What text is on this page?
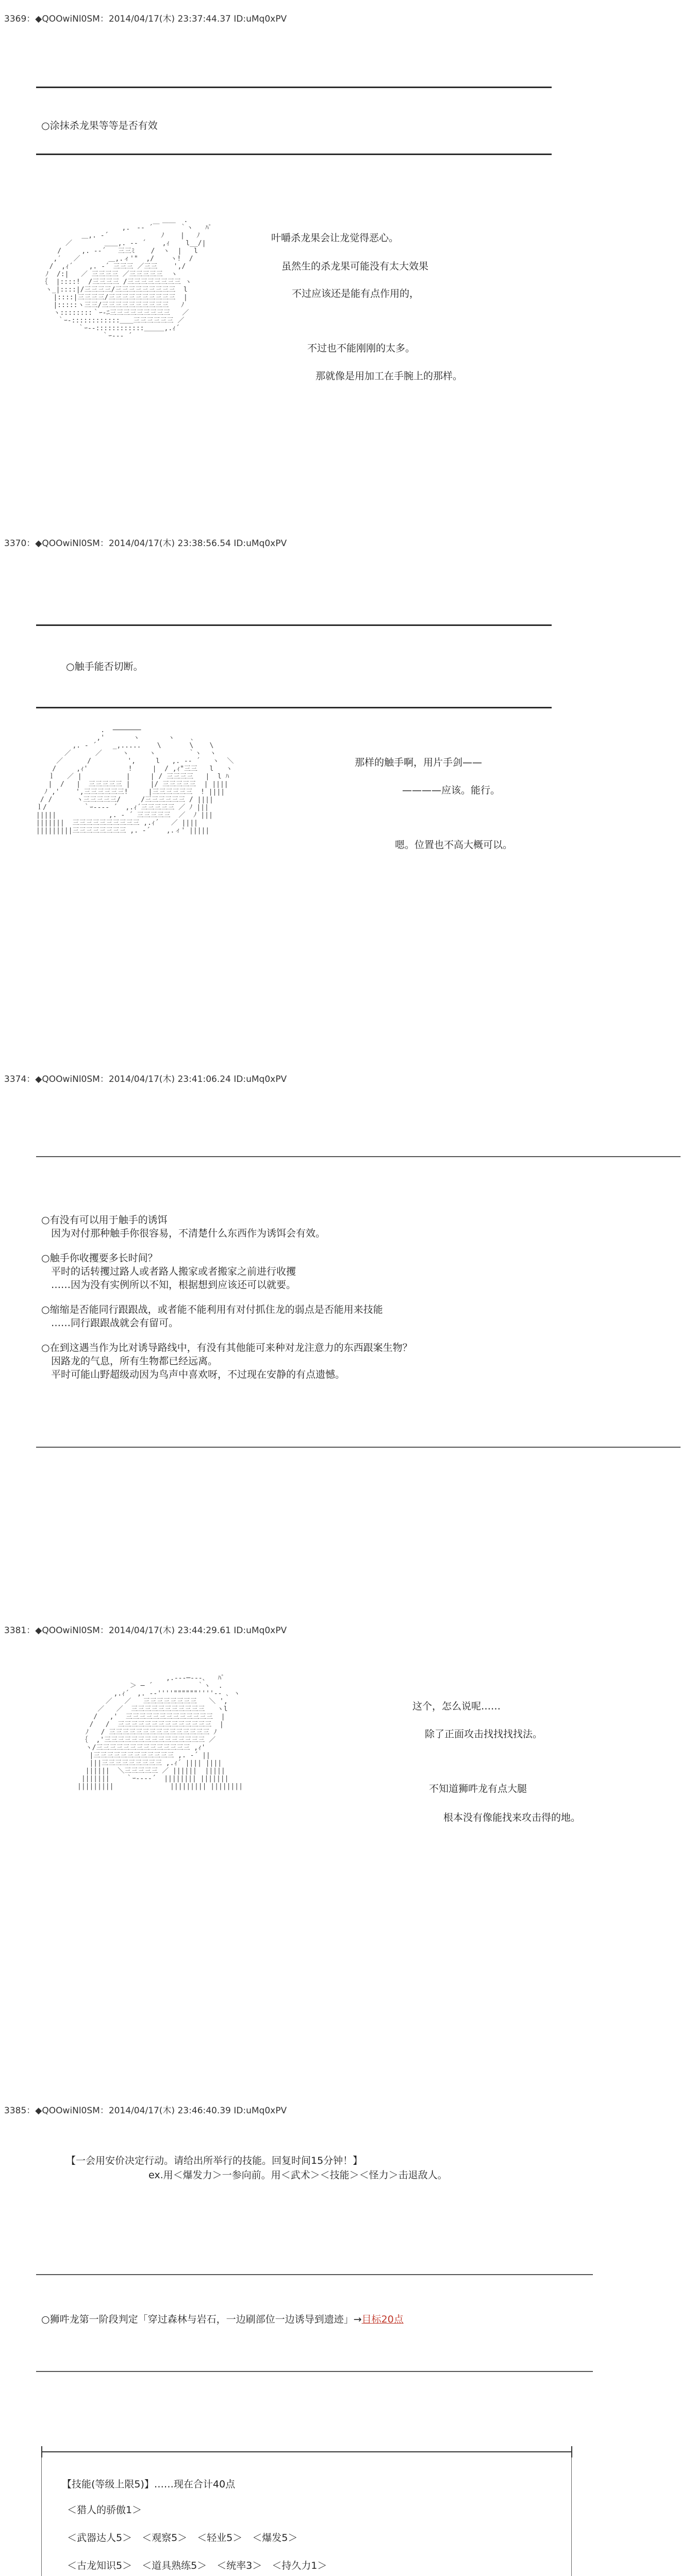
3369：◆QOOwiNl0SM：2014/04/17(木) 23:37:44.37 ID:uMq0xPV
○涂抹杀龙果等等是否有效
＿＿  .
,.　-‐ ´￣     ｀ヽ   ﾊﾟ
＿,. ‐´             ﾉ    |   ﾉ
／        ＿＿,. -‐ ´    ,ｨ    l__/|
/     ,. -‐´   三三ﾐ    /  ヽ  |   l
,′   ／       ＿,.ィ'"  ,/    ヽ!  /
/  ,ｨ´    ,. ‐´ 三三三 ／三三    ',/
ﾉ  /:|   ／ 三三三三 ／三三三三三  ヽ
｛  |::::!  /三三三三 /三三三三三三三三 ヽ
ヽ_|::::|/三三三三/三三三三三三三三三  l
|::::|三三三三/三三三三三三三三三三  |
|:::::ヽ三三/三三三三三三三三三三   ﾉ
ヽ::::::::｀ｰ‐ﾆ三三三三三三三三三   ／
｀ｰ-::::::::::::＿＿三三三三三三 ／
｀ｰ--::::::::::::＿＿＿,.ｨ´
｀ｰ--‐ ´
叶嚼杀龙果会让龙觉得恶心。
虽然生的杀龙果可能没有太大效果
不过应该还是能有点作用的，
不过也不能刚刚的太多。
那就像是用加工在手腕上的那样。
3370：◆QOOwiNl0SM：2014/04/17(木) 23:38:56.54 ID:uMq0xPV
○触手能否切断。
.  ───────
,'       ヽ       ヽ    ､
,. ‐ ´    _,.....    \       \    \
／      ／     ヽ     ヽ        ｀ヽ  ヽ
／      /         ',     l   ,. -‐ ´   ヽ  ＼
/     ,ｨ'          !     |  / ,ｨ"三三   l   ヽ
ｌ   ／ |           |     | / 三三三三   |  l ﾊ
|  /   |  三三三三三 |     |/ 三三三三三  | ||||
ﾉ ,'    ',三三三三三三!     |三三三三三三  ! ||||
/ /      ヽ三三三三三/     /三三三三三三 / ||||
ｌ/         ｀ｰ---‐ ´  ,.ｨ´三三三三三 ／ ﾉ |||
|||||             ,. ‐ ´ 三三三三三  ／  ﾉ |||
|||||||  三三三三三三三三三三 ,.ｨ´   ／ ||||
|||||||||三三三三三三三三 ,. ‐´    ,.ィ' |||||
那样的触手啊，用片手剑——
————应该。能行。
嗯。位置也不高大概可以。
3374：◆QOOwiNl0SM：2014/04/17(木) 23:41:06.24 ID:uMq0xPV
○有没有可以用于触手的诱饵
　因为对付那种触手你很容易，不清楚什么东西作为诱饵会有效。
○触手你收攫要多长时间？
　平时的话转攫过路人或者路人搬家或者搬家之前进行收攫
　……因为没有实例所以不知，根据想到应该还可以就要。
○缩缩是否能同行跟跟战，或者能不能利用有对付抓住龙的弱点是否能用来技能
　……同行跟跟战就会有留可。
○在到这遇当作为比对诱导路线中，有没有其他能可来种对龙注意力的东西跟案生物？
　因路龙的气息，所有生物都已经远离。
　平时可能山野超级动因为鸟声中喜欢呀，不过现在安静的有点遗憾。
3381：◆QOOwiNl0SM：2014/04/17(木) 23:44:29.61 ID:uMq0xPV
,.-‐‐─‐‐-､   ﾊﾟ
＞ ─ ´           ｀ヽ  .
,.ｨ´  ,. -‐''''""""""''''‐- ､ ヽ
／   ／   三三三三三三三三   ＼ ',
／   ／  三三三三三三三三三三三   ヽl
/   ,'  三三三三三三三三三三三三三  |
/   /  三三三三三三三三三三三三三三  |
ﾉ   / 三三三三三三三三三三三三三三三 ﾉ
｛  ,'三三三三三三三三三三三三三三三 ／
ヽ/三三三三三三三三三三三三三三 ,ｨ'
|三三三三三三三三三三三三 ,. ‐´ ||
|||三三三三三三三三三 ,.ｨ´ |||| ||||
||||||  ＼三三三三三 ／ ||||||  |||||
|||||||    ｀ｰ---‐´  |||||||| |||||||
|||||||||              ||||||||| ||||||||
这个，怎么说呢……
除了正面攻击找找找找法。
不知道狮吽龙有点大腿
根本没有像能找来攻击得的地。
3385：◆QOOwiNl0SM：2014/04/17(木) 23:46:40.39 ID:uMq0xPV
【一会用安价决定行动。请给出所举行的技能。回复时间15分钟！】
ex.用＜爆发力＞一参向前。用＜武术＞＜技能＞＜怪力＞击退敌人。
○狮吽龙第一阶段判定「穿过森林与岩石，一边刷部位一边诱导到遗迹」→目标20点
【技能(等级上限5)】……现在合计40点
＜猎人的骄傲1＞
＜武器达人5＞　＜观察5＞　＜轻业5＞　＜爆发5＞
＜古龙知识5＞　＜道具熟练5＞　＜统率3＞　＜持久力1＞
